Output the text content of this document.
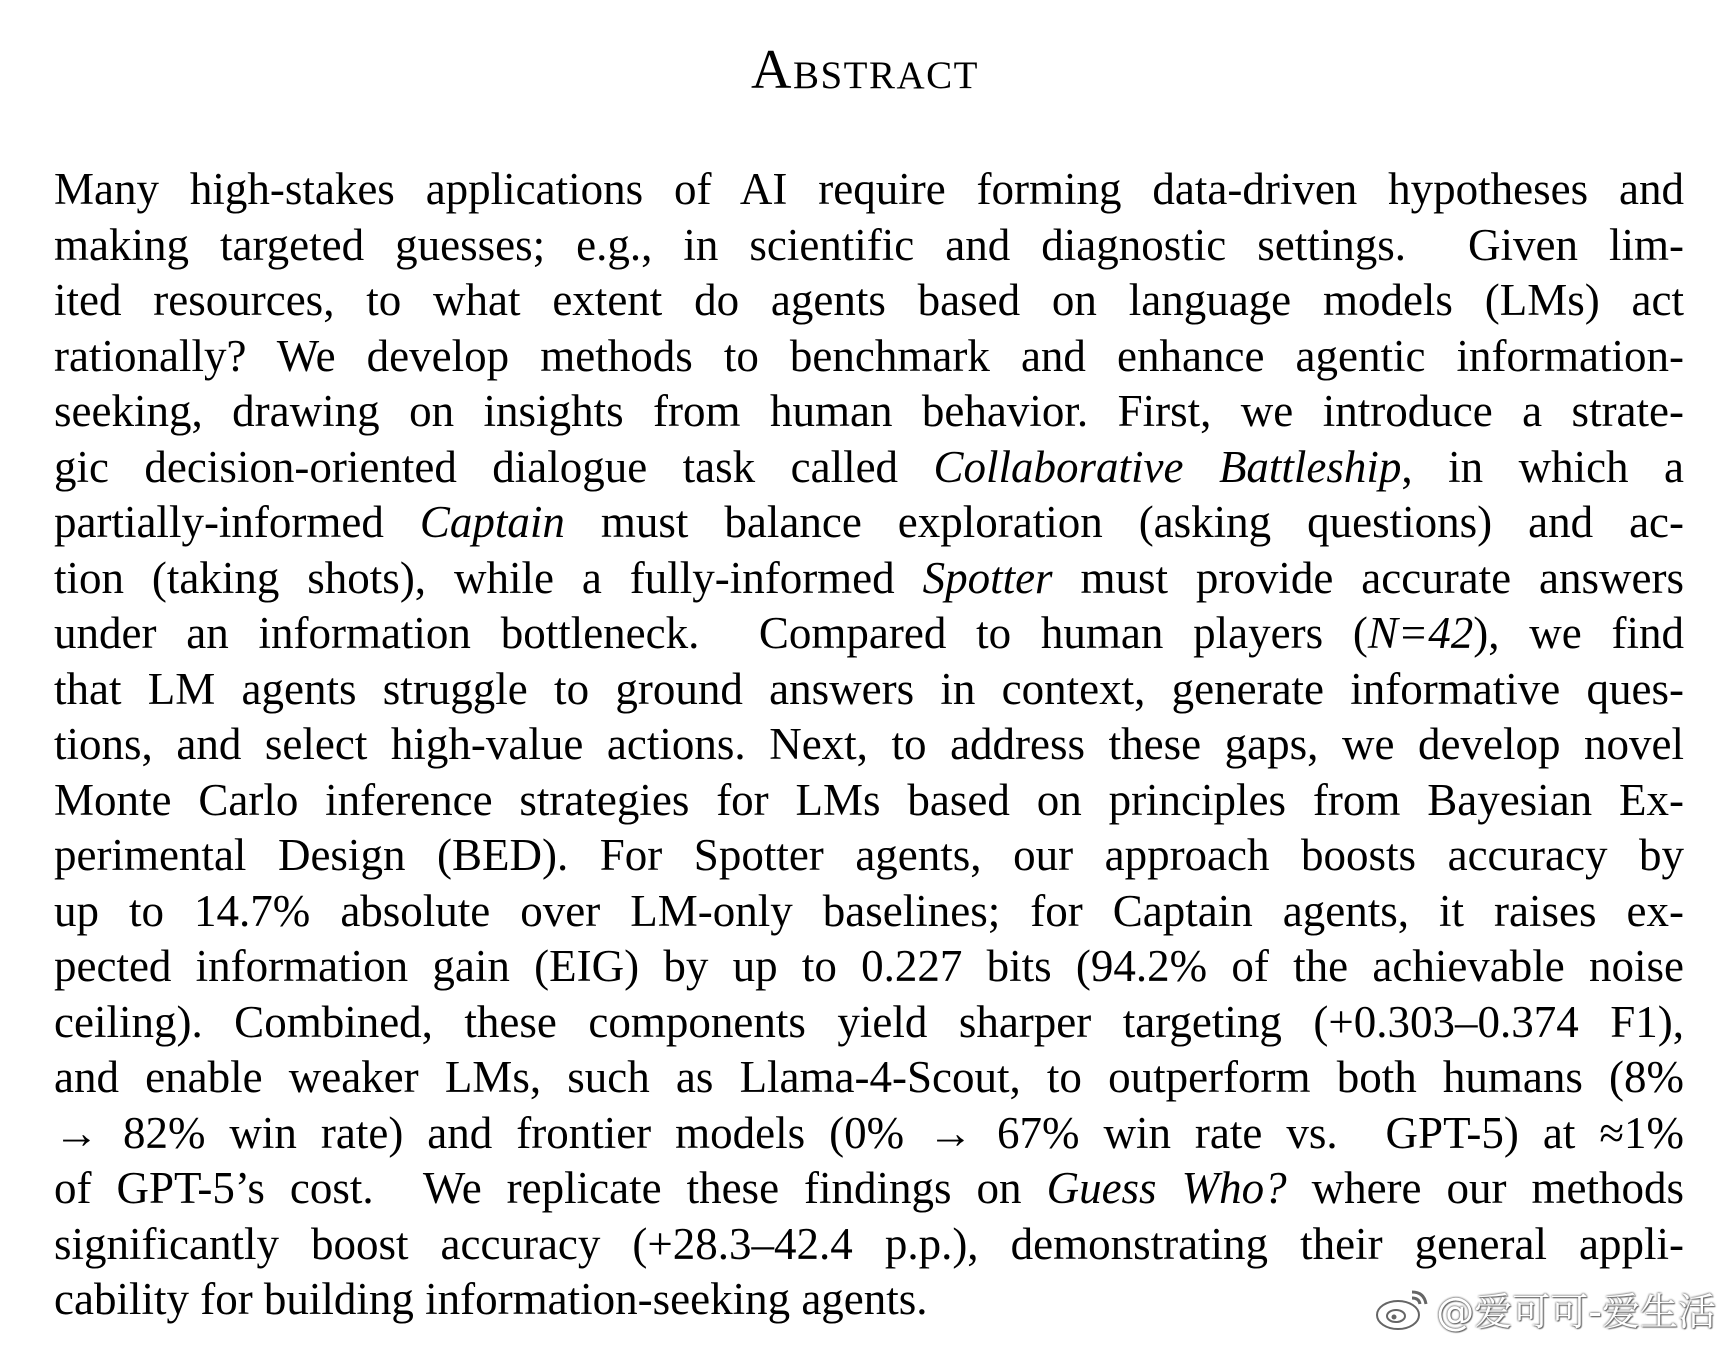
Abstract
Many high-stakes applications of AI require forming data-driven hypotheses and
making targeted guesses; e.g., in scientific and diagnostic settings.  Given lim-
ited resources, to what extent do agents based on language models (LMs) act
rationally? We develop methods to benchmark and enhance agentic information-
seeking, drawing on insights from human behavior. First, we introduce a strate-
gic decision-oriented dialogue task called Collaborative Battleship, in which a
partially-informed Captain must balance exploration (asking questions) and ac-
tion (taking shots), while a fully-informed Spotter must provide accurate answers
under an information bottleneck.  Compared to human players (N=42), we find
that LM agents struggle to ground answers in context, generate informative ques-
tions, and select high-value actions. Next, to address these gaps, we develop novel
Monte Carlo inference strategies for LMs based on principles from Bayesian Ex-
perimental Design (BED). For Spotter agents, our approach boosts accuracy by
up to 14.7% absolute over LM-only baselines; for Captain agents, it raises ex-
pected information gain (EIG) by up to 0.227 bits (94.2% of the achievable noise
ceiling). Combined, these components yield sharper targeting (+0.303–0.374 F1),
and enable weaker LMs, such as Llama-4-Scout, to outperform both humans (8%
→ 82% win rate) and frontier models (0% → 67% win rate vs.  GPT-5) at ≈1%
of GPT-5’s cost.  We replicate these findings on Guess Who? where our methods
significantly boost accuracy (+28.3–42.4 p.p.), demonstrating their general appli-
cability for building information-seeking agents.	@爱可可-爱生活
